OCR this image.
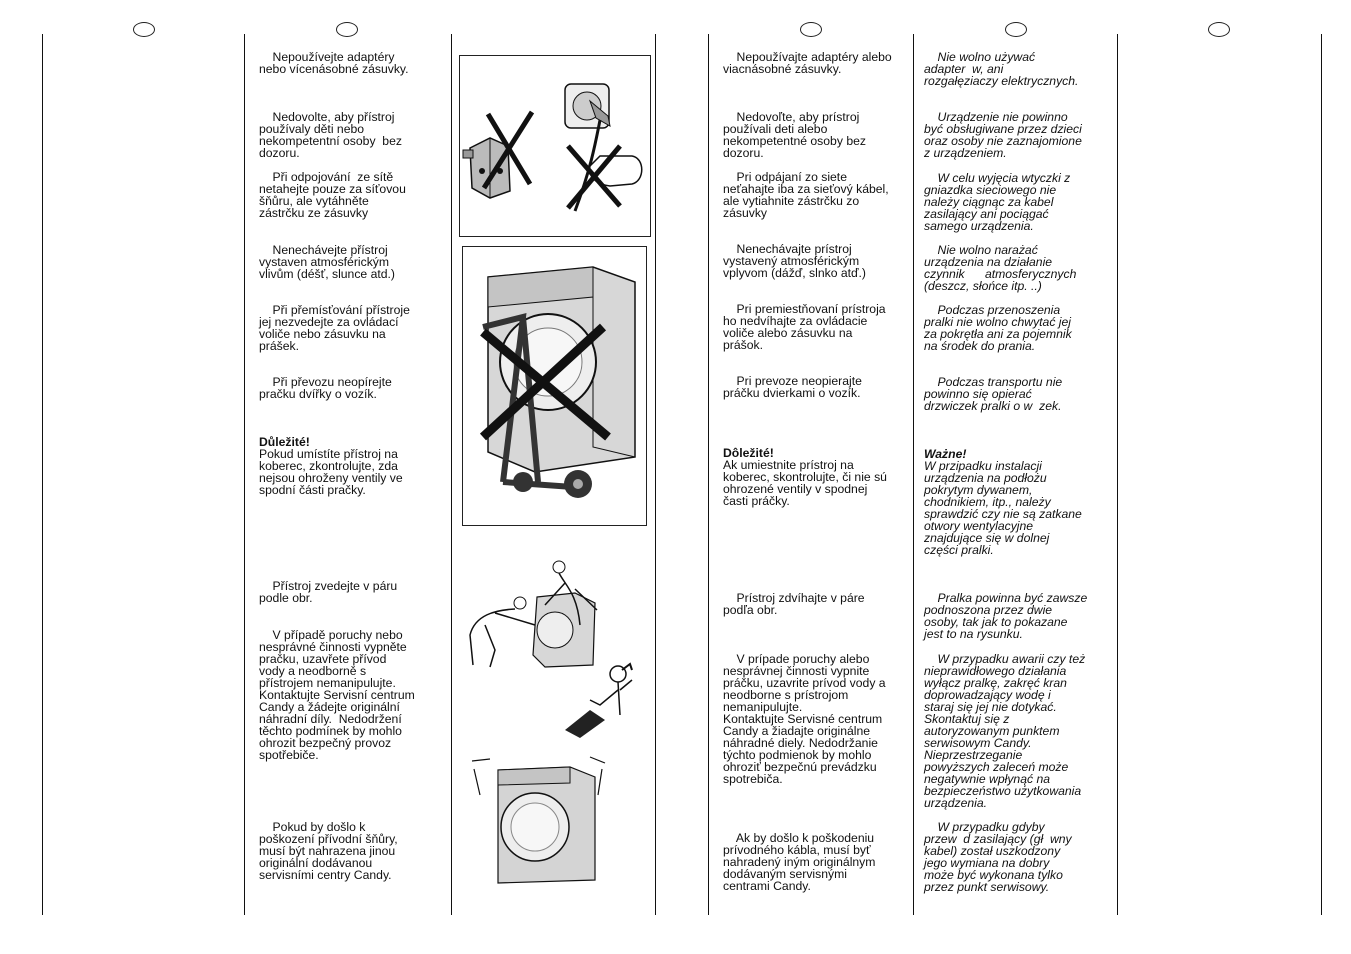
Nepoužívejte adaptéry
nebo vícenásobné zásuvky.

Nedovolte, aby přístroj
používaly děti nebo
nekompetentní osoby  bez
dozoru.

Při odpojování  ze sítě
netahejte pouze za síťovou
šňůru, ale vytáhněte
zástrčku ze zásuvky

Nenechávejte přístroj
vystaven atmosférickým
vlivům (déšť, slunce atd.)

Při přemísťování přístroje
jej nezvedejte za ovládací
voliče nebo zásuvku na
prášek.

Při převozu neopírejte
pračku dvířky o vozík.

Důležité!

Pokud umístíte přístroj na
koberec, zkontrolujte, zda
nejsou ohroženy ventily ve
spodní části pračky.

Přístroj zvedejte v páru
podle obr.

V případě poruchy nebo
nesprávné činnosti vypněte
pračku, uzavřete přívod
vody a neodborně s
přístrojem nemanipulujte.
Kontaktujte Servisní centrum
Candy a žádejte originální
náhradní díly.  Nedodržení
těchto podmínek by mohlo
ohrozit bezpečný provoz
spotřebiče.

Pokud by došlo k
poškození přívodní šňůry,
musí být nahrazena jinou
originální dodávanou
servisními centry Candy.

Nepoužívajte adaptéry alebo
viacnásobné zásuvky.

Nedovoľte, aby prístroj
používali deti alebo
nekompetentné osoby bez
dozoru.

Pri odpájaní zo siete
neťahajte iba za sieťový kábel,
ale vytiahnite zástrčku zo
zásuvky

Nenechávajte prístroj
vystavený atmosférickým
vplyvom (dážď, slnko atď.)

Pri premiestňovaní prístroja
ho nedvíhajte za ovládacie
voliče alebo zásuvku na
prášok.

Pri prevoze neopierajte
práčku dvierkami o vozík.

Dôležité!

Ak umiestnite prístroj na
koberec, skontrolujte, či nie sú
ohrozené ventily v spodnej
časti práčky.

Prístroj zdvíhajte v páre
podľa obr.

V prípade poruchy alebo
nesprávnej činnosti vypnite
práčku, uzavrite prívod vody a
neodborne s prístrojom
nemanipulujte.
Kontaktujte Servisné centrum
Candy a žiadajte originálne
náhradné diely. Nedodržanie
týchto podmienok by mohlo
ohroziť bezpečnú prevádzku
spotrebiča.

Ak by došlo k poškodeniu
prívodného kábla, musí byť
nahradený iným originálnym
dodávaným servisnými
centrami Candy.

Nie wolno używać
adapter  w, ani
rozgałęziaczy elektrycznych.

Urządzenie nie powinno
być obsługiwane przez dzieci
oraz osoby nie zaznajomione
z urządzeniem.

W celu wyjęcia wtyczki z
gniazdka sieciowego nie
należy ciągnąc za kabel
zasilający ani pociągać
samego urządzenia.

Nie wolno narażać
urządzenia na działanie
czynnik      atmosferycznych
(deszcz, słońce itp. ..)

Podczas przenoszenia
pralki nie wolno chwytać jej
za pokrętła ani za pojemnik
na środek do prania.

Podczas transportu nie
powinno się opierać
drzwiczek pralki o w  zek.

Ważne!

W przipadku instalacji
urządzenia na podłożu
pokrytym dywanem,
chodnikiem, itp., należy
sprawdzić czy nie są zatkane
otwory wentylacyjne
znajdujące się w dolnej
części pralki.

Pralka powinna być zawsze
podnoszona przez dwie
osoby, tak jak to pokazane
jest to na rysunku.

W przypadku awarii czy też
nieprawidłowego działania
wyłącz pralkę, zakręć kran
doprowadzający wodę i
staraj się jej nie dotykać.
Skontaktuj się z
autoryzowanym punktem
serwisowym Candy.
Nieprzestrzeganie
powyższych zaleceń może
negatywnie wpłynąć na
bezpieczeństwo użytkowania
urządzenia.

W przypadku gdyby
przew  d zasilający (gł  wny
kabel) został uszkodzony
jego wymiana na dobry
może być wykonana tylko
przez punkt serwisowy.
